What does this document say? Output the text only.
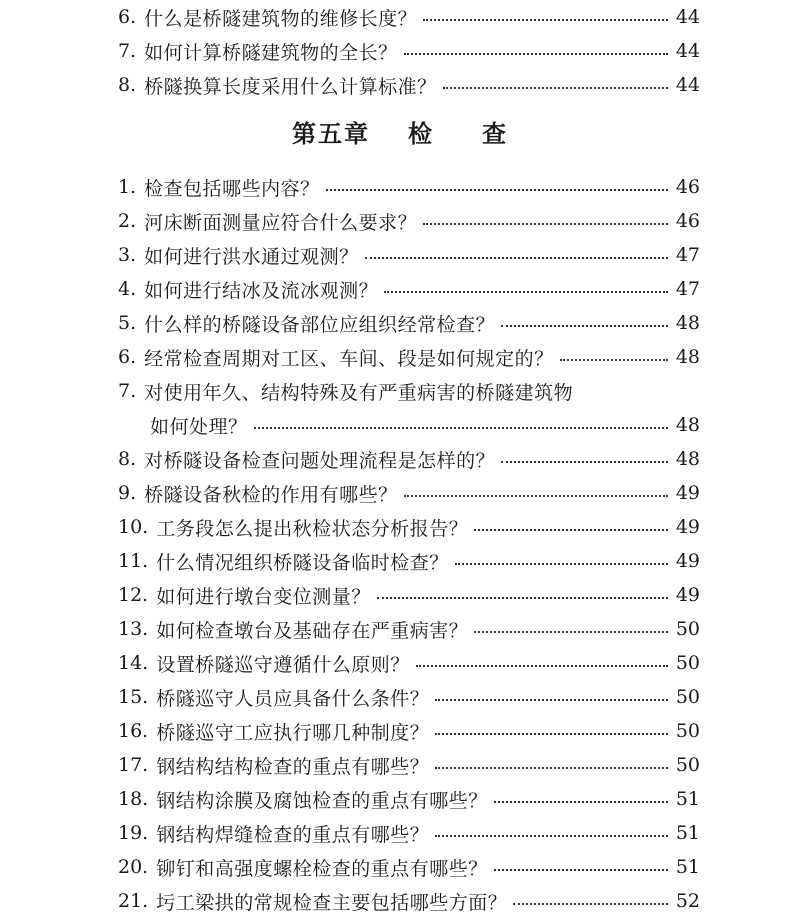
6. 什么是桥隧建筑物的维修长度？	44
7. 如何计算桥隧建筑物的全长？	44
8. 桥隧换算长度采用什么计算标准？	44
第五章 检 查
1. 检查包括哪些内容？	46
2. 河床断面测量应符合什么要求？	46
3. 如何进行洪水通过观测？	47
4. 如何进行结冰及流冰观测？	47
5. 什么样的桥隧设备部位应组织经常检查？	48
6. 经常检查周期对工区、车间、段是如何规定的？	48
7. 对使用年久、结构特殊及有严重病害的桥隧建筑物
如何处理？	48
8. 对桥隧设备检查问题处理流程是怎样的？	48
9. 桥隧设备秋检的作用有哪些？	49
10. 工务段怎么提出秋检状态分析报告？	49
11. 什么情况组织桥隧设备临时检查？	49
12. 如何进行墩台变位测量？	49
13. 如何检查墩台及基础存在严重病害？	50
14. 设置桥隧巡守遵循什么原则？	50
15. 桥隧巡守人员应具备什么条件？	50
16. 桥隧巡守工应执行哪几种制度？	50
17. 钢结构结构检查的重点有哪些？	50
18. 钢结构涂膜及腐蚀检查的重点有哪些？	51
19. 钢结构焊缝检查的重点有哪些？	51
20. 铆钉和高强度螺栓检查的重点有哪些？	51
21. 圬工梁拱的常规检查主要包括哪些方面？	52
